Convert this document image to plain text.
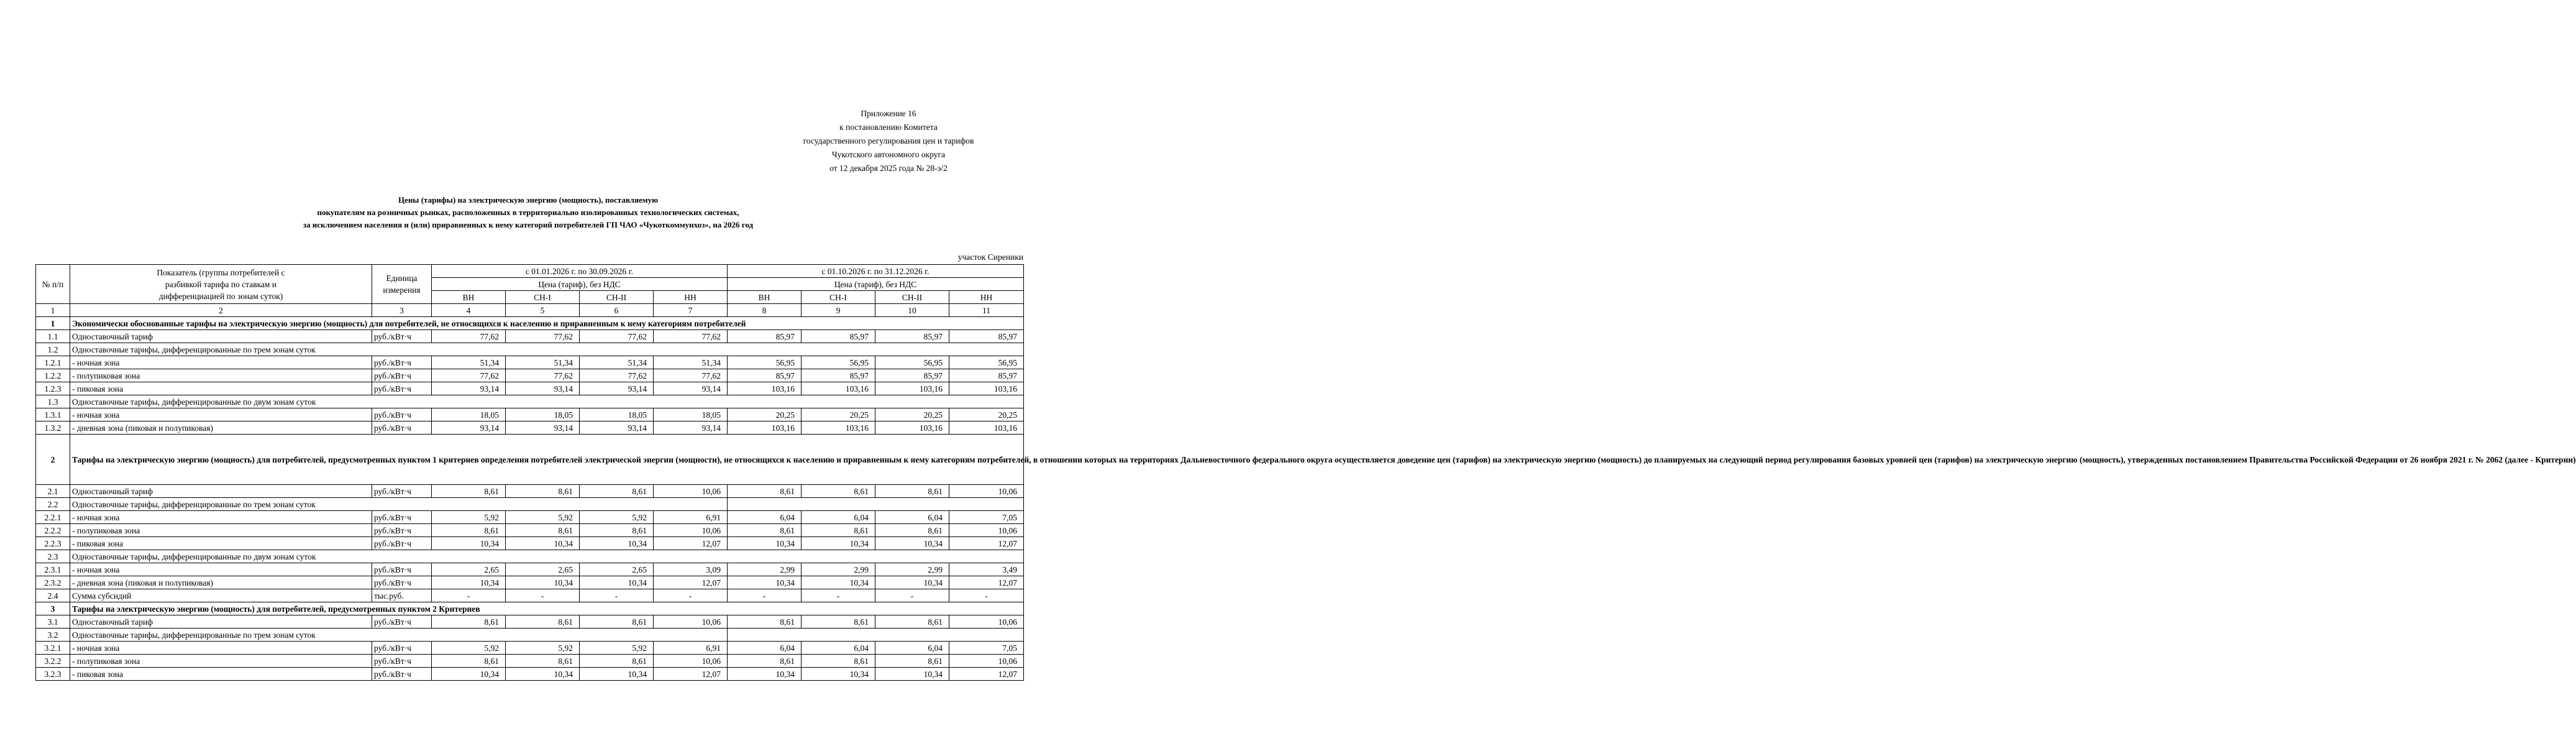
Приложение 16
к постановлению Комитета
государственного регулирования цен и тарифов
Чукотского автономного округа
от 12 декабря 2025 года № 28-э/2
Цены (тарифы) на электрическую энергию (мощность), поставляемую
покупателям на розничных рынках, расположенных в территориально изолированных технологических системах,
за исключением населения и (или) приравненных к нему категорий потребителей ГП ЧАО «Чукоткоммунхоз», на 2026 год
участок Сиреники
№ п/п	Показатель (группы потребителей с
разбивкой тарифа по ставкам и
дифференциацией по зонам суток)	Единица измерения	с 01.01.2026 г. по 30.09.2026 г.				с 01.10.2026 г. по 31.12.2026 г.			
			Цена (тариф), без НДС				Цена (тариф), без НДС			
			ВН	СН-I	СН-II	НН	ВН	СН-I	СН-II	НН
1	2	3	4	5	6	7	8	9	10	11
1	Экономически обоснованные тарифы на электрическую энергию (мощность) для потребителей, не относящихся к населению и приравненным к нему категориям потребителей									
1.1	Одноставочный тариф	руб./кВт·ч	77,62	77,62	77,62	77,62	85,97	85,97	85,97	85,97
1.2	Одноставочные тарифы, дифференцированные по трем зонам суток									
1.2.1	- ночная зона	руб./кВт·ч	51,34	51,34	51,34	51,34	56,95	56,95	56,95	56,95
1.2.2	- полупиковая зона	руб./кВт·ч	77,62	77,62	77,62	77,62	85,97	85,97	85,97	85,97
1.2.3	- пиковая зона	руб./кВт·ч	93,14	93,14	93,14	93,14	103,16	103,16	103,16	103,16
1.3	Одноставочные тарифы, дифференцированные по двум зонам суток									
1.3.1	- ночная зона	руб./кВт·ч	18,05	18,05	18,05	18,05	20,25	20,25	20,25	20,25
1.3.2	- дневная зона (пиковая и полупиковая)	руб./кВт·ч	93,14	93,14	93,14	93,14	103,16	103,16	103,16	103,16
2	Тарифы на электрическую энергию (мощность) для потребителей, предусмотренных пунктом 1 критериев определения потребителей электрической энергии (мощности), не относящихся к населению и приравненным к нему категориям потребителей, в отношении которых на территориях Дальневосточного федерального округа осуществляется доведение цен (тарифов) на электрическую энергию (мощность) до планируемых на следующий период регулирования базовых уровней цен (тарифов) на электрическую энергию (мощность), утвержденных постановлением Правительства Российской Федерации от 26 ноября 2021 г. № 2062 (далее - Критерии)									
2.1	Одноставочный тариф	руб./кВт·ч	8,61	8,61	8,61	10,06	8,61	8,61	8,61	10,06
2.2	Одноставочные тарифы, дифференцированные по трем зонам суток									
2.2.1	- ночная зона	руб./кВт·ч	5,92	5,92	5,92	6,91	6,04	6,04	6,04	7,05
2.2.2	- полупиковая зона	руб./кВт·ч	8,61	8,61	8,61	10,06	8,61	8,61	8,61	10,06
2.2.3	- пиковая зона	руб./кВт·ч	10,34	10,34	10,34	12,07	10,34	10,34	10,34	12,07
2.3	Одноставочные тарифы, дифференцированные по двум зонам суток									
2.3.1	- ночная зона	руб./кВт·ч	2,65	2,65	2,65	3,09	2,99	2,99	2,99	3,49
2.3.2	- дневная зона (пиковая и полупиковая)	руб./кВт·ч	10,34	10,34	10,34	12,07	10,34	10,34	10,34	12,07
2.4	Сумма субсидий	тыс.руб.	-	-	-	-	-	-	-	-
3	Тарифы на электрическую энергию (мощность) для потребителей, предусмотренных пунктом 2 Критериев									
3.1	Одноставочный тариф	руб./кВт·ч	8,61	8,61	8,61	10,06	8,61	8,61	8,61	10,06
3.2	Одноставочные тарифы, дифференцированные по трем зонам суток									
3.2.1	- ночная зона	руб./кВт·ч	5,92	5,92	5,92	6,91	6,04	6,04	6,04	7,05
3.2.2	- полупиковая зона	руб./кВт·ч	8,61	8,61	8,61	10,06	8,61	8,61	8,61	10,06
3.2.3	- пиковая зона	руб./кВт·ч	10,34	10,34	10,34	12,07	10,34	10,34	10,34	12,07
